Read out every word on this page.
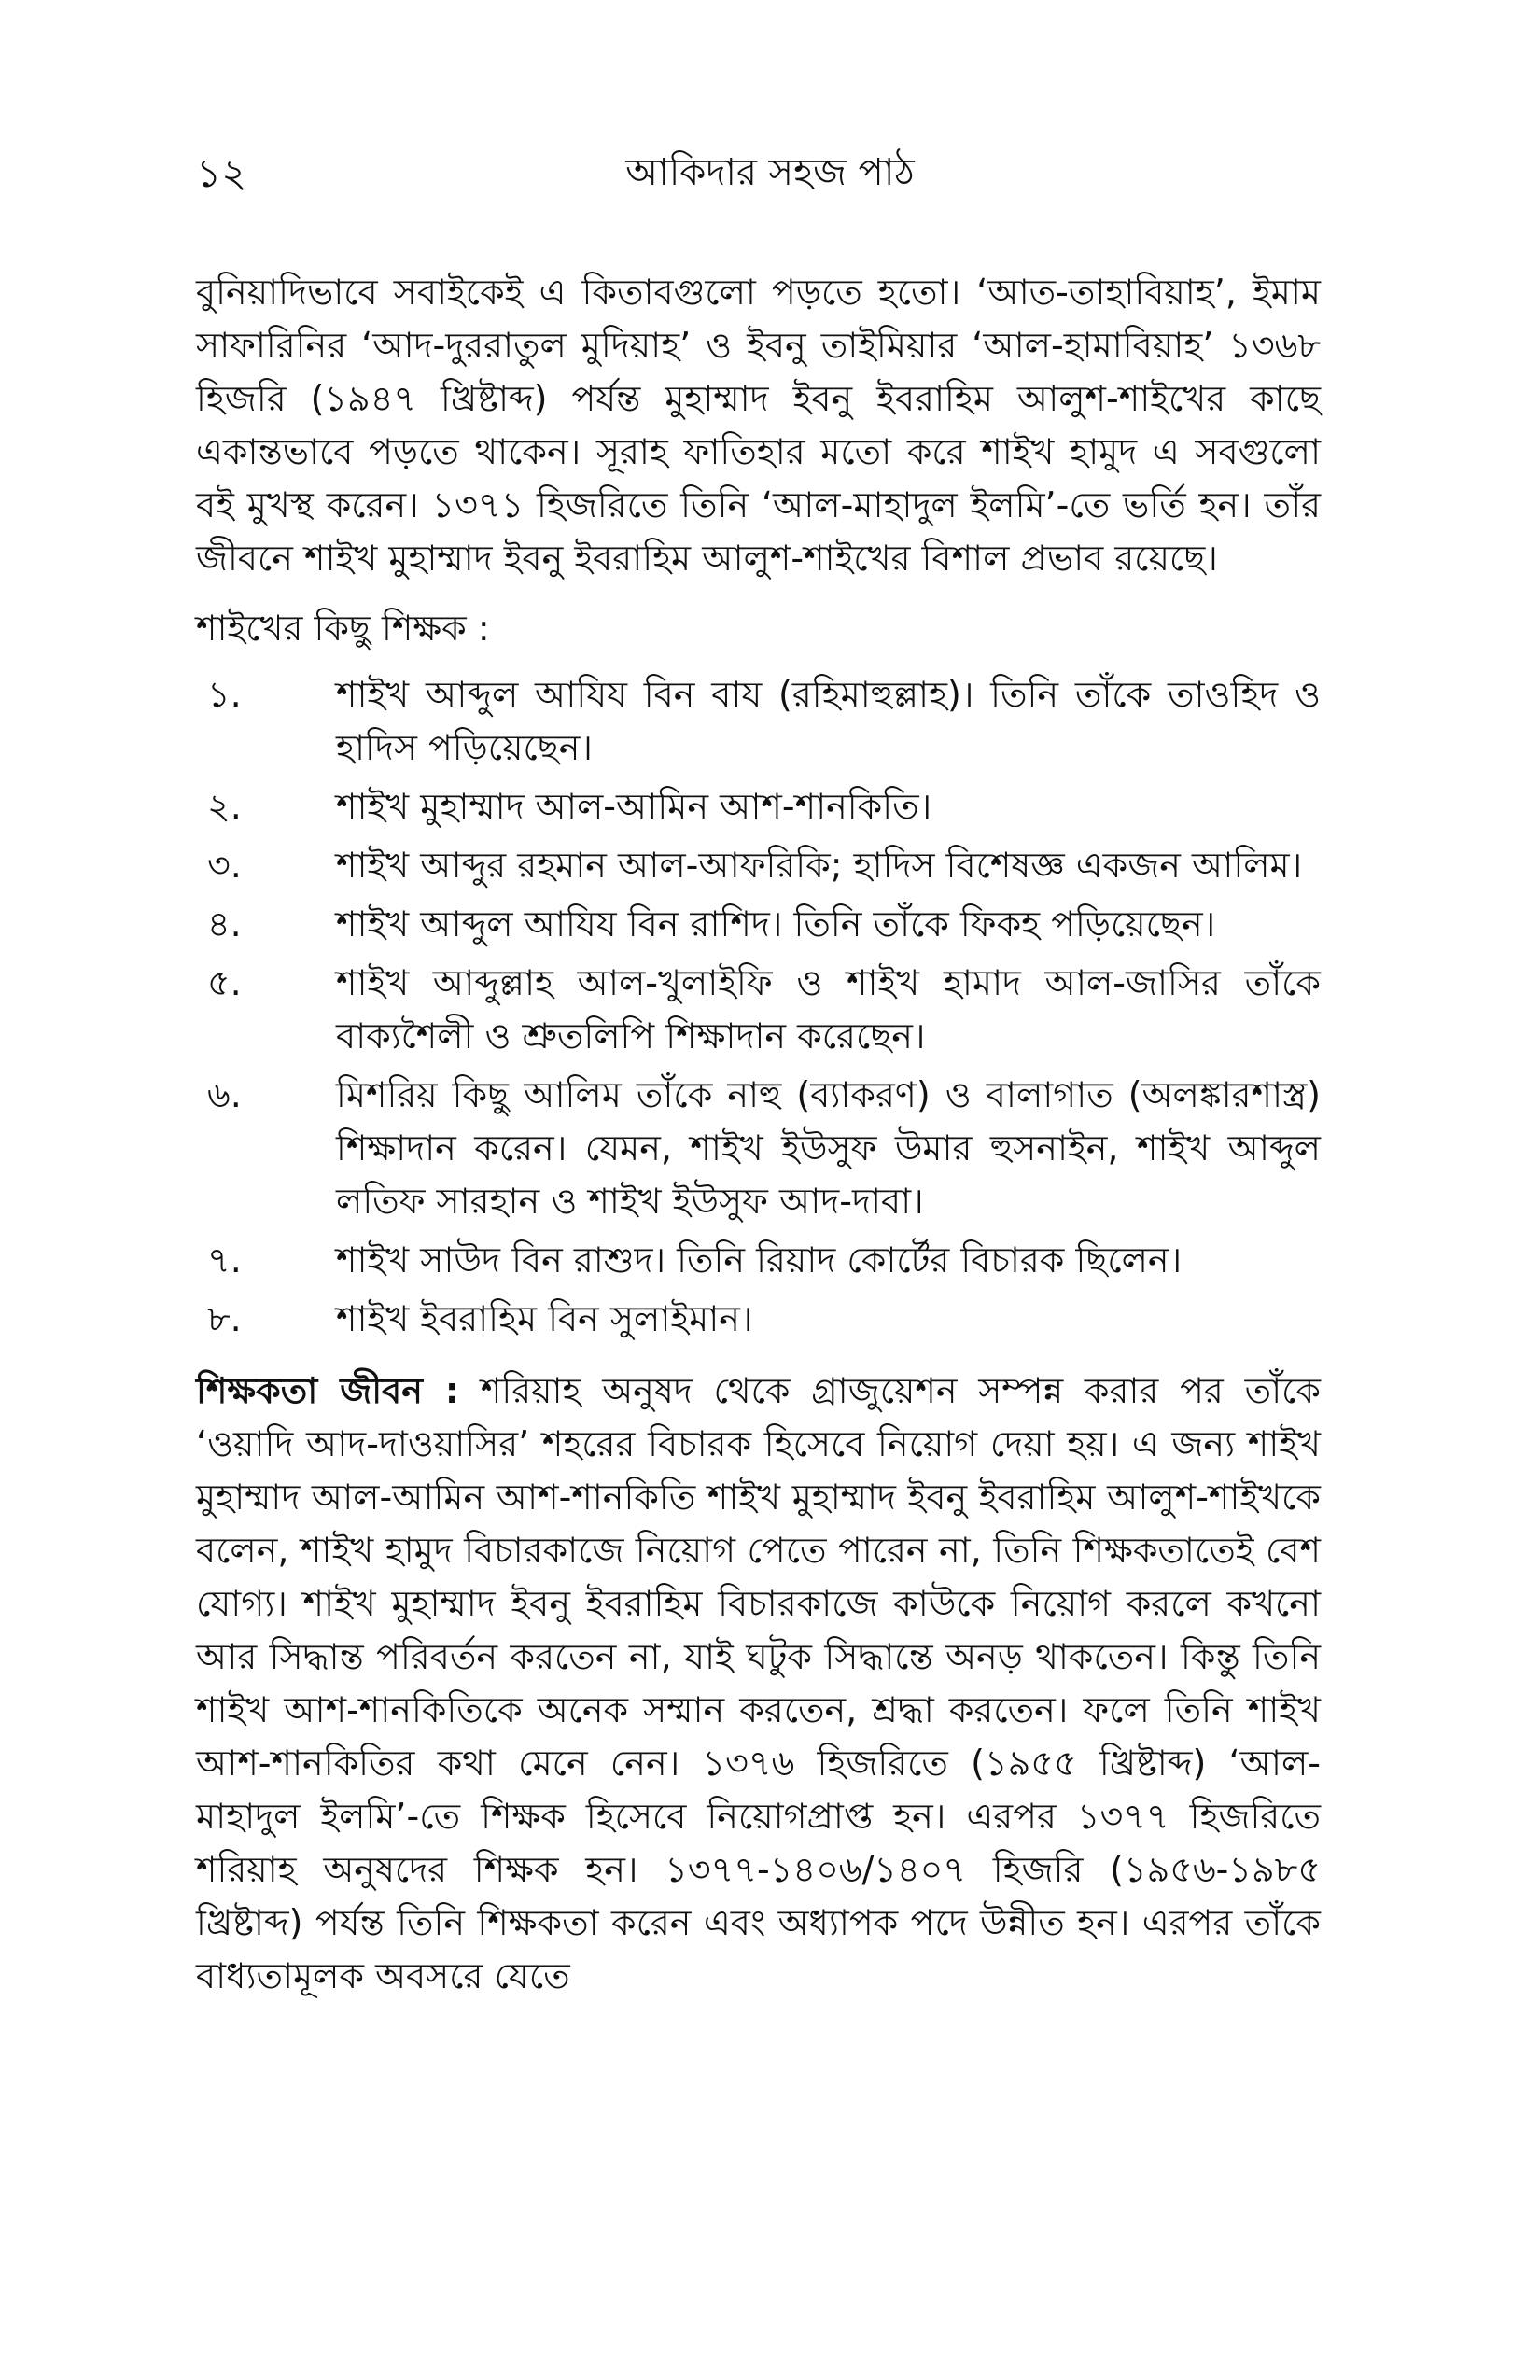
১২	আকিদার সহজ পাঠ

বুনিয়াদিভাবে সবাইকেই এ কিতাবগুলো পড়তে হতো। ‘আত-তাহাবিয়াহ’, ইমাম সাফারিনির ‘আদ-দুররাতুল মুদিয়াহ’ ও ইবনু তাইমিয়ার ‘আল-হামাবিয়াহ’ ১৩৬৮ হিজরি (১৯৪৭ খ্রিষ্টাব্দ) পর্যন্ত মুহাম্মাদ ইবনু ইবরাহিম আলুশ-শাইখের কাছে একান্তভাবে পড়তে থাকেন। সূরাহ ফাতিহার মতো করে শাইখ হামুদ এ সবগুলো বই মুখস্থ করেন। ১৩৭১ হিজরিতে তিনি ‘আল-মাহাদুল ইলমি’-তে ভর্তি হন। তাঁর জীবনে শাইখ মুহাম্মাদ ইবনু ইবরাহিম আলুশ-শাইখের বিশাল প্রভাব রয়েছে।

শাইখের কিছু শিক্ষক :

১.	শাইখ আব্দুল আযিয বিন বায (রহিমাহুল্লাহ)। তিনি তাঁকে তাওহিদ ও হাদিস পড়িয়েছেন।
২.	শাইখ মুহাম্মাদ আল-আমিন আশ-শানকিতি।
৩.	শাইখ আব্দুর রহমান আল-আফরিকি; হাদিস বিশেষজ্ঞ একজন আলিম।
৪.	শাইখ আব্দুল আযিয বিন রাশিদ। তিনি তাঁকে ফিকহ পড়িয়েছেন।
৫.	শাইখ আব্দুল্লাহ আল-খুলাইফি ও শাইখ হামাদ আল-জাসির তাঁকে বাক্যশৈলী ও শ্রুতলিপি শিক্ষাদান করেছেন।
৬.	মিশরিয় কিছু আলিম তাঁকে নাহু (ব্যাকরণ) ও বালাগাত (অলঙ্কারশাস্ত্র) শিক্ষাদান করেন। যেমন, শাইখ ইউসুফ উমার হুসনাইন, শাইখ আব্দুল লতিফ সারহান ও শাইখ ইউসুফ আদ-দাবা।
৭.	শাইখ সাউদ বিন রাশুদ। তিনি রিয়াদ কোর্টের বিচারক ছিলেন।
৮.	শাইখ ইবরাহিম বিন সুলাইমান।

শিক্ষকতা জীবন : শরিয়াহ অনুষদ থেকে গ্রাজুয়েশন সম্পন্ন করার পর তাঁকে ‘ওয়াদি আদ-দাওয়াসির’ শহরের বিচারক হিসেবে নিয়োগ দেয়া হয়। এ জন্য শাইখ মুহাম্মাদ আল-আমিন আশ-শানকিতি শাইখ মুহাম্মাদ ইবনু ইবরাহিম আলুশ-শাইখকে বলেন, শাইখ হামুদ বিচারকাজে নিয়োগ পেতে পারেন না, তিনি শিক্ষকতাতেই বেশ যোগ্য। শাইখ মুহাম্মাদ ইবনু ইবরাহিম বিচারকাজে কাউকে নিয়োগ করলে কখনো আর সিদ্ধান্ত পরিবর্তন করতেন না, যাই ঘটুক সিদ্ধান্তে অনড় থাকতেন। কিন্তু তিনি শাইখ আশ-শানকিতিকে অনেক সম্মান করতেন, শ্রদ্ধা করতেন। ফলে তিনি শাইখ আশ-শানকিতির কথা মেনে নেন। ১৩৭৬ হিজরিতে (১৯৫৫ খ্রিষ্টাব্দ) ‘আল-মাহাদুল ইলমি’-তে শিক্ষক হিসেবে নিয়োগপ্রাপ্ত হন। এরপর ১৩৭৭ হিজরিতে শরিয়াহ অনুষদের শিক্ষক হন। ১৩৭৭-১৪০৬/১৪০৭ হিজরি (১৯৫৬-১৯৮৫ খ্রিষ্টাব্দ) পর্যন্ত তিনি শিক্ষকতা করেন এবং অধ্যাপক পদে উন্নীত হন। এরপর তাঁকে বাধ্যতামূলক অবসরে যেতে
